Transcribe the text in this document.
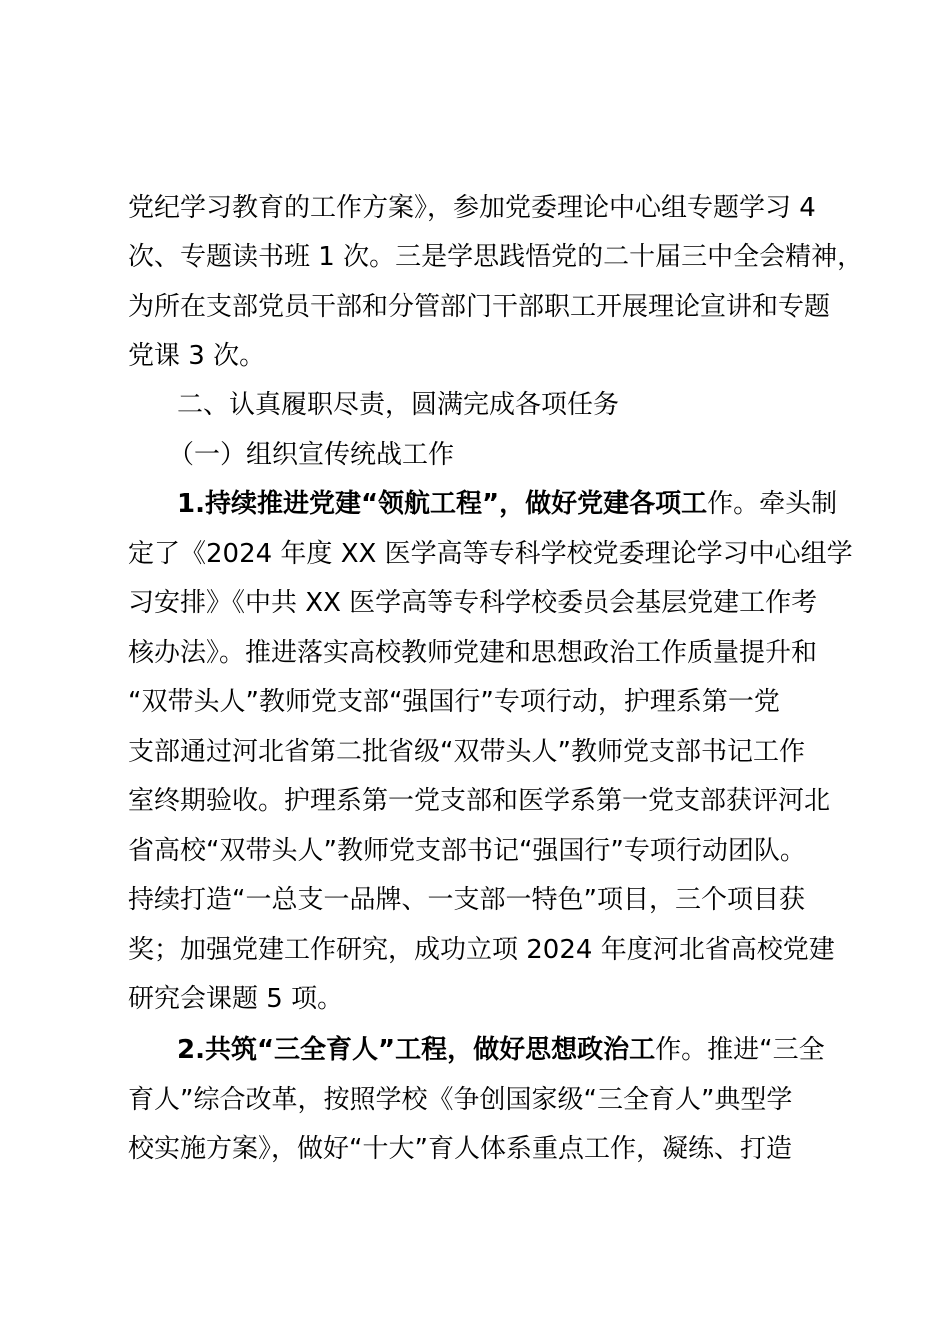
党纪学习教育的工作方案》，参加党委理论中心组专题学习 4
次、专题读书班 1 次。三是学思践悟党的二十届三中全会精神，
为所在支部党员干部和分管部门干部职工开展理论宣讲和专题
党课 3 次。
二、认真履职尽责，圆满完成各项任务
（一）组织宣传统战工作
1.持续推进党建“领航工程”，做好党建各项工作。牵头制
定了《2024 年度 XX 医学高等专科学校党委理论学习中心组学
习安排》《中共 XX 医学高等专科学校委员会基层党建工作考
核办法》。推进落实高校教师党建和思想政治工作质量提升和
“双带头人”教师党支部“强国行”专项行动，护理系第一党
支部通过河北省第二批省级“双带头人”教师党支部书记工作
室终期验收。护理系第一党支部和医学系第一党支部获评河北
省高校“双带头人”教师党支部书记“强国行”专项行动团队。
持续打造“一总支一品牌、一支部一特色”项目，三个项目获
奖；加强党建工作研究，成功立项 2024 年度河北省高校党建
研究会课题 5 项。
2.共筑“三全育人”工程，做好思想政治工作。推进“三全
育人”综合改革，按照学校《争创国家级“三全育人”典型学
校实施方案》，做好“十大”育人体系重点工作，凝练、打造
